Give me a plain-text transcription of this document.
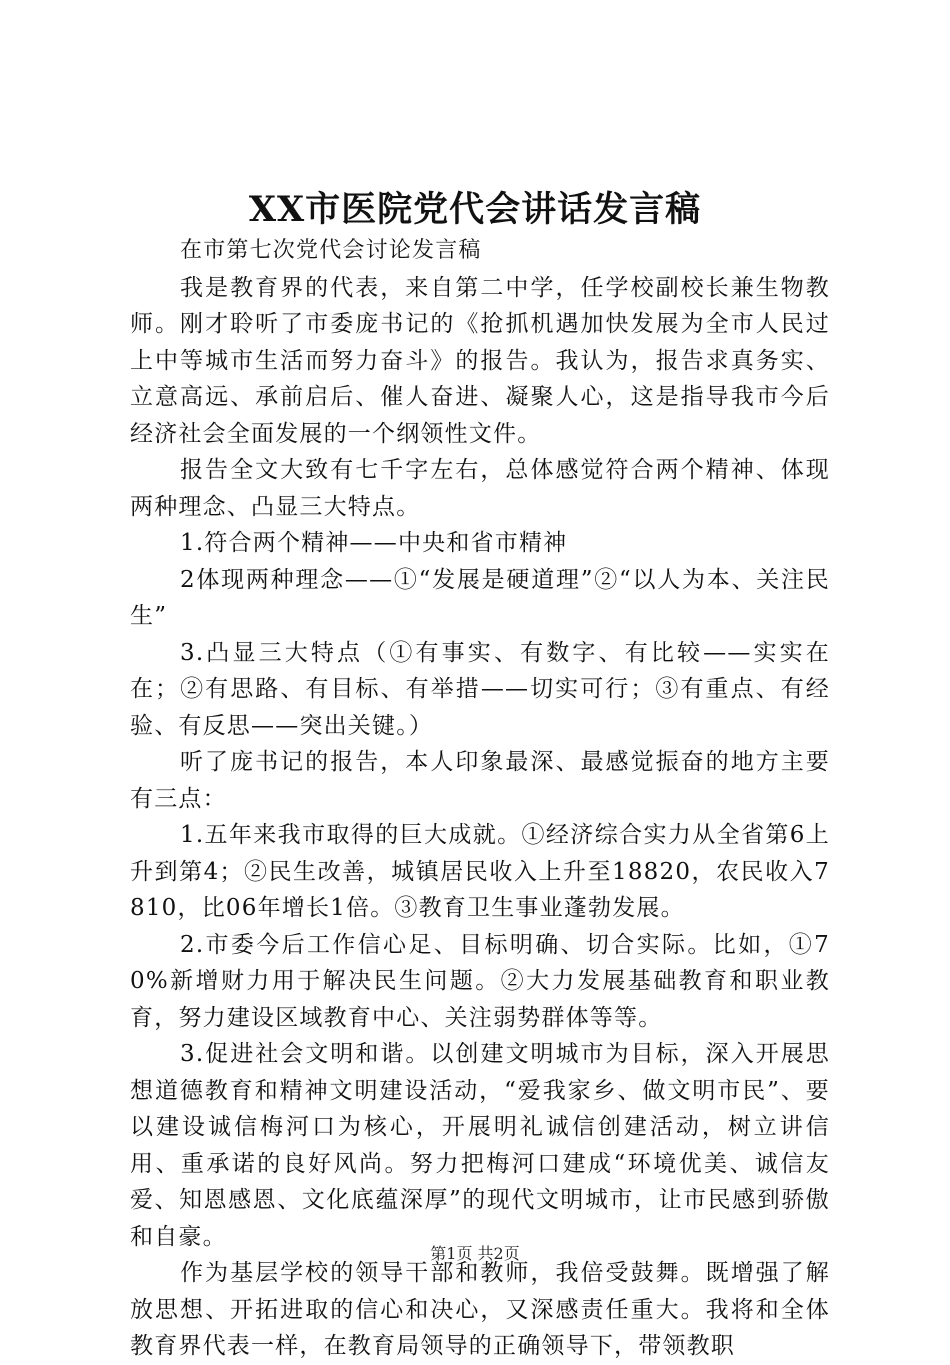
XX市医院党代会讲话发言稿

在市第七次党代会讨论发言稿

我是教育界的代表，来自第二中学，任学校副校长兼生物教师。刚才聆听了市委庞书记的《抢抓机遇加快发展为全市人民过上中等城市生活而努力奋斗》的报告。我认为，报告求真务实、立意高远、承前启后、催人奋进、凝聚人心，这是指导我市今后经济社会全面发展的一个纲领性文件。

报告全文大致有七千字左右，总体感觉符合两个精神、体现两种理念、凸显三大特点。

1.符合两个精神——中央和省市精神

2体现两种理念——①“发展是硬道理”②“以人为本、关注民生”

3.凸显三大特点（①有事实、有数字、有比较——实实在在；②有思路、有目标、有举措——切实可行；③有重点、有经验、有反思——突出关键。）

听了庞书记的报告，本人印象最深、最感觉振奋的地方主要有三点：

1.五年来我市取得的巨大成就。①经济综合实力从全省第6上升到第4；②民生改善，城镇居民收入上升至18820，农民收入7810，比06年增长1倍。③教育卫生事业蓬勃发展。

2.市委今后工作信心足、目标明确、切合实际。比如，①70%新增财力用于解决民生问题。②大力发展基础教育和职业教育，努力建设区域教育中心、关注弱势群体等等。

3.促进社会文明和谐。以创建文明城市为目标，深入开展思想道德教育和精神文明建设活动，“爱我家乡、做文明市民”、要以建设诚信梅河口为核心，开展明礼诚信创建活动，树立讲信用、重承诺的良好风尚。努力把梅河口建成“环境优美、诚信友爱、知恩感恩、文化底蕴深厚”的现代文明城市，让市民感到骄傲和自豪。

作为基层学校的领导干部和教师，我倍受鼓舞。既增强了解放思想、开拓进取的信心和决心，又深感责任重大。我将和全体教育界代表一样，在教育局领导的正确领导下，带领教职

第1页 共2页
